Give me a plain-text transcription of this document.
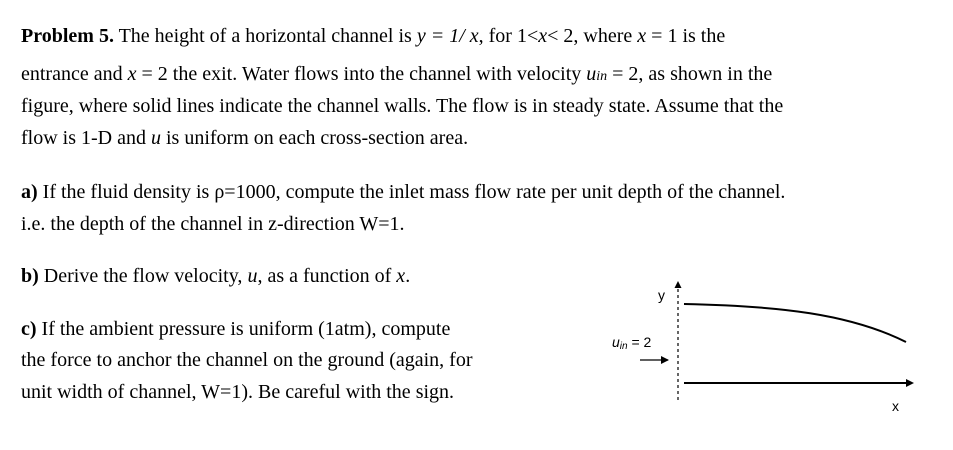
Problem 5. The height of a horizontal channel is y = 1/ x, for 1<x< 2, where x = 1 is the
entrance and x = 2 the exit. Water flows into the channel with velocity uin = 2, as shown in the
figure, where solid lines indicate the channel walls. The flow is in steady state. Assume that the
flow is 1-D and u is uniform on each cross-section area.
a) If the fluid density is ρ=1000, compute the inlet mass flow rate per unit depth of the channel.
i.e. the depth of the channel in z-direction W=1.
b) Derive the flow velocity, u, as a function of x.
c) If the ambient pressure is uniform (1atm), compute
the force to anchor the channel on the ground (again, for
unit width of channel, W=1). Be careful with the sign.
y
x
uin = 2
